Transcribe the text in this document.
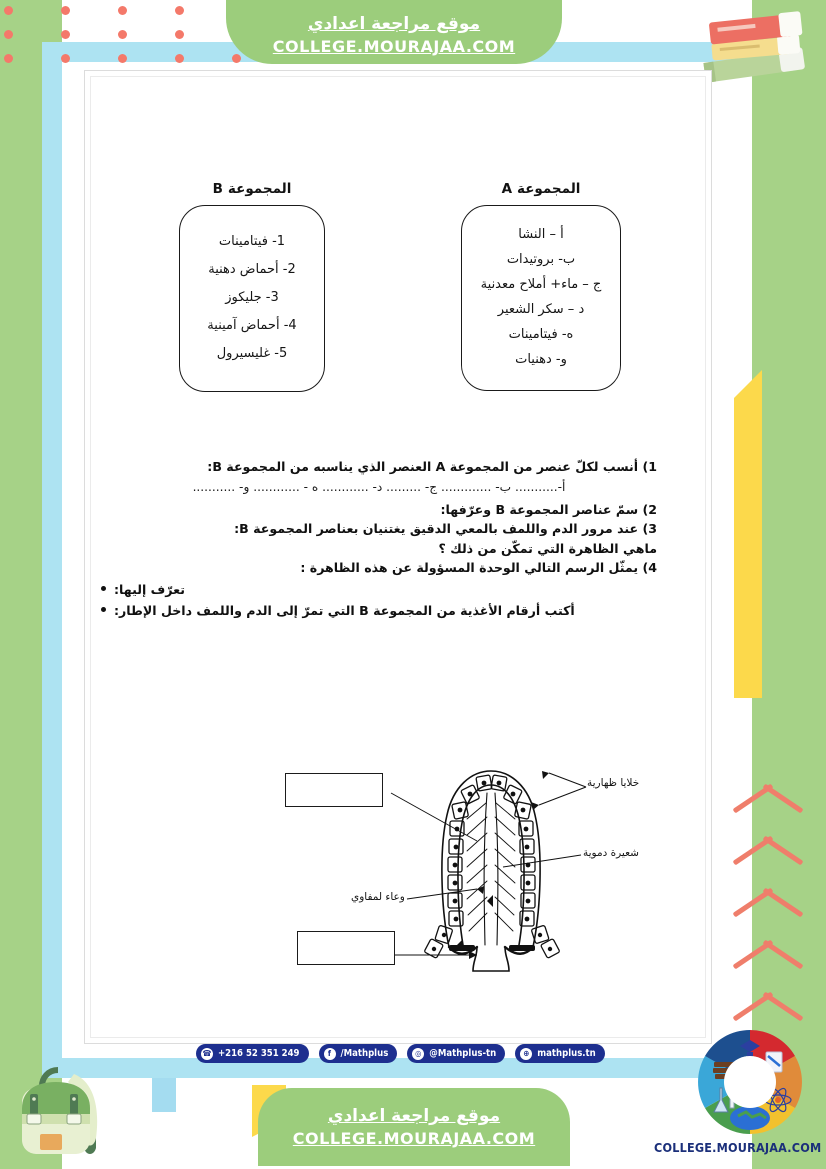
موقع مراجعة اعدادي
COLLEGE.MOURAJAA.COM
المجموعة A
أ – النشا
ب- بروتيدات
ج – ماء+ أملاح معدنية
د – سكر الشعير
ه- فيتامينات
و- دهنيات
المجموعة B
1- فيتامينات
2- أحماض دهنية
3- جليكوز
4- أحماض آمينية
5- غليسيرول
1) أنسب لكلّ عنصر من المجموعة A العنصر الذي يناسبه من المجموعة B:
أ-........... ب- ............. ج- ......... د- ............ ه - ............ و- ...........
2) سمّ عناصر المجموعة B وعرّفها:
3) عند مرور الدم واللمف بالمعي الدقيق يغتنيان بعناصر المجموعة B:
ماهي الظاهرة التي تمكّن من ذلك ؟
4) يمثّل الرسم التالي الوحدة المسؤولة عن هذه الظاهرة :
تعرّف إليها:
أكتب أرقام الأغذية من المجموعة B التي تمرّ إلى الدم واللمف داخل الإطار:
خلايا ظهارية
شعيرة دموية
وعاء لمفاوي
☎ +216 52 351 249	f /Mathplus	◎ @Mathplus-tn	⊕ mathplus.tn
موقع مراجعة اعدادي
COLLEGE.MOURAJAA.COM	COLLEGE.MOURAJAA.COM
